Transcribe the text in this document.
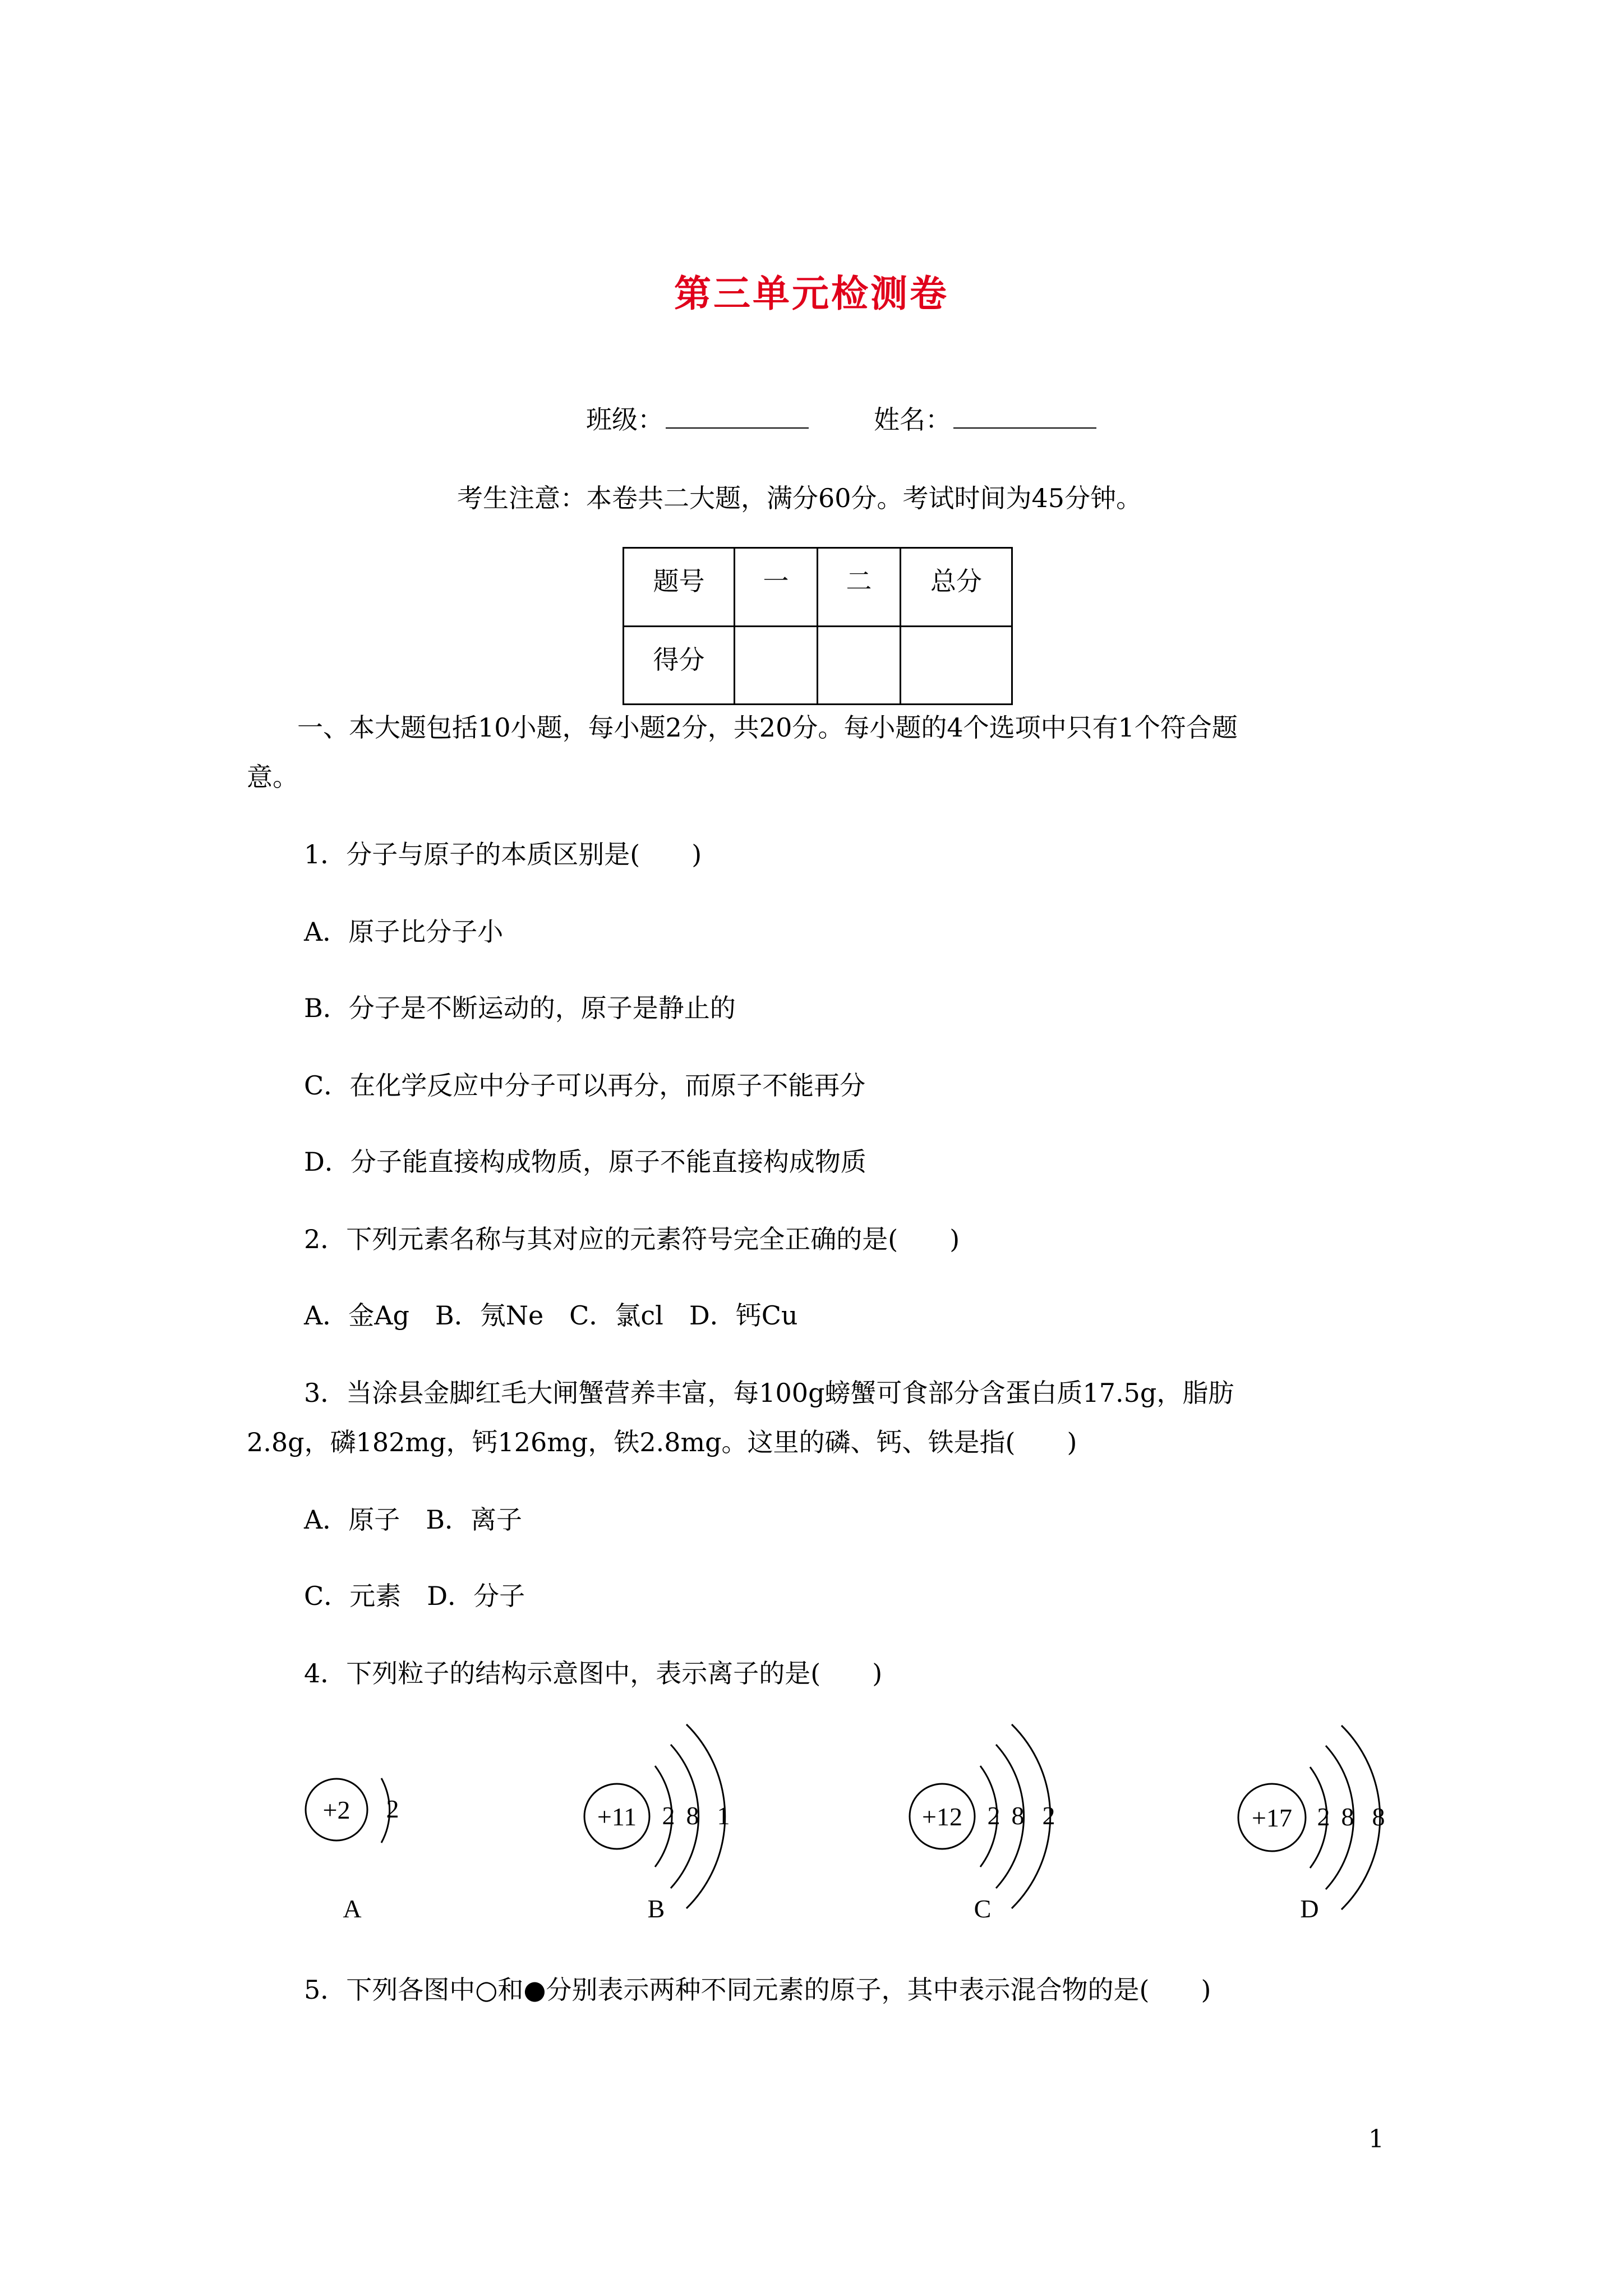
第三单元检测卷
班级：	姓名：
考生注意：本卷共二大题，满分60分。考试时间为45分钟。
题号	一	二	总分
得分			
一、本大题包括10小题，每小题2分，共20分。每小题的4个选项中只有1个符合题
意。
1．分子与原子的本质区别是(　　)
A．原子比分子小
B．分子是不断运动的，原子是静止的
C．在化学反应中分子可以再分，而原子不能再分
D．分子能直接构成物质，原子不能直接构成物质
2．下列元素名称与其对应的元素符号完全正确的是(　　)
A．金Ag　B．氖Ne　C．氯cl　D．钙Cu
3．当涂县金脚红毛大闸蟹营养丰富，每100g螃蟹可食部分含蛋白质17.5g，脂肪
2.8g，磷182mg，钙126mg，铁2.8mg。这里的磷、钙、铁是指(　　)
A．原子　B．离子
C．元素　D．分子
4．下列粒子的结构示意图中，表示离子的是(　　)
+2 2
A
+11 2 8 1
B
+12 2 8 2
C
+17 2 8 8
D
5．下列各图中○和●分别表示两种不同元素的原子，其中表示混合物的是(　　)
1
